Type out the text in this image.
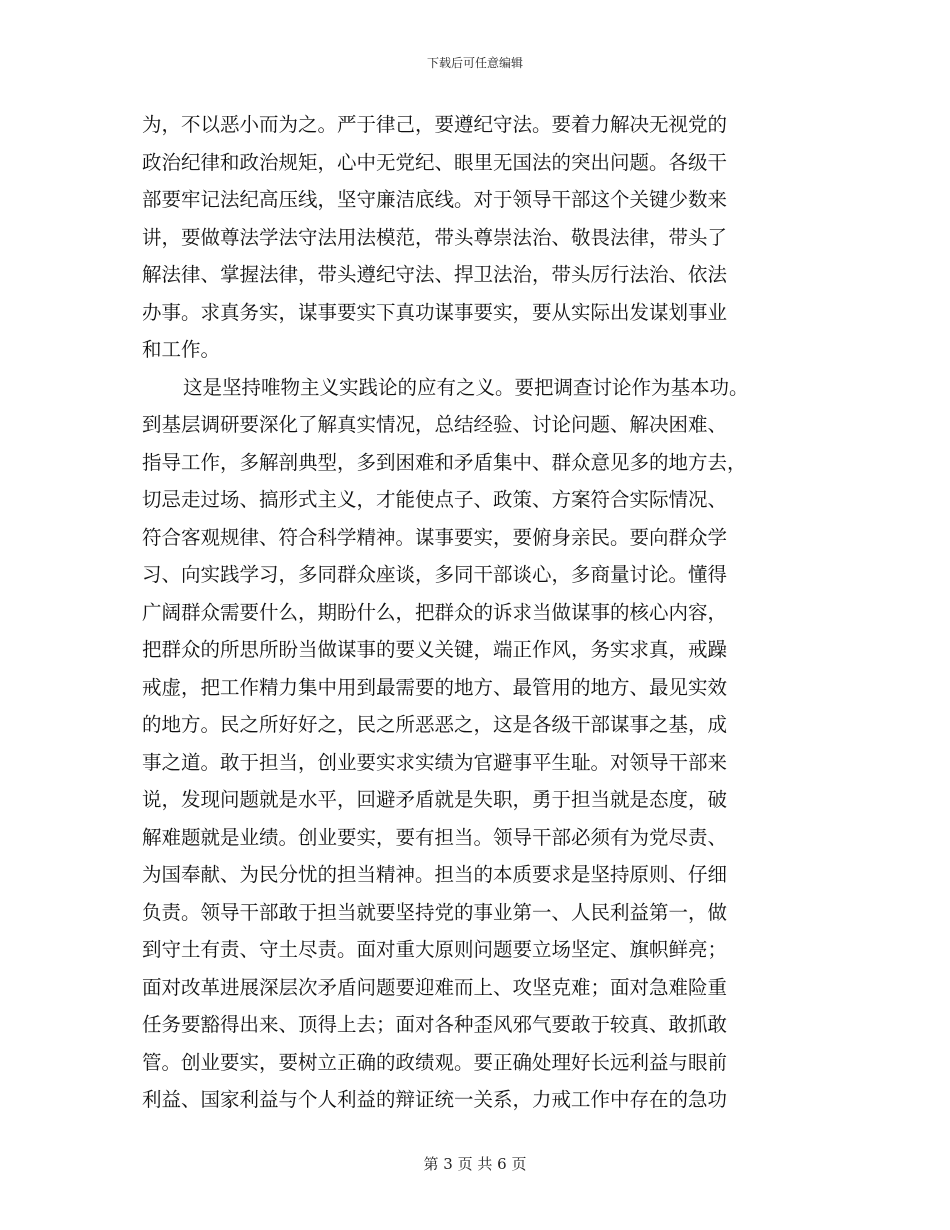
下载后可任意编辑
为，不以恶小而为之。严于律己，要遵纪守法。要着力解决无视党的
政治纪律和政治规矩，心中无党纪、眼里无国法的突出问题。各级干
部要牢记法纪高压线，坚守廉洁底线。对于领导干部这个关键少数来
讲，要做尊法学法守法用法模范，带头尊崇法治、敬畏法律，带头了
解法律、掌握法律，带头遵纪守法、捍卫法治，带头厉行法治、依法
办事。求真务实，谋事要实下真功谋事要实，要从实际出发谋划事业
和工作。
这是坚持唯物主义实践论的应有之义。要把调查讨论作为基本功。
到基层调研要深化了解真实情况，总结经验、讨论问题、解决困难、
指导工作，多解剖典型，多到困难和矛盾集中、群众意见多的地方去，
切忌走过场、搞形式主义，才能使点子、政策、方案符合实际情况、
符合客观规律、符合科学精神。谋事要实，要俯身亲民。要向群众学
习、向实践学习，多同群众座谈，多同干部谈心，多商量讨论。懂得
广阔群众需要什么，期盼什么，把群众的诉求当做谋事的核心内容，
把群众的所思所盼当做谋事的要义关键，端正作风，务实求真，戒躁
戒虚，把工作精力集中用到最需要的地方、最管用的地方、最见实效
的地方。民之所好好之，民之所恶恶之，这是各级干部谋事之基，成
事之道。敢于担当，创业要实求实绩为官避事平生耻。对领导干部来
说，发现问题就是水平，回避矛盾就是失职，勇于担当就是态度，破
解难题就是业绩。创业要实，要有担当。领导干部必须有为党尽责、
为国奉献、为民分忧的担当精神。担当的本质要求是坚持原则、仔细
负责。领导干部敢于担当就要坚持党的事业第一、人民利益第一，做
到守土有责、守土尽责。面对重大原则问题要立场坚定、旗帜鲜亮；
面对改革进展深层次矛盾问题要迎难而上、攻坚克难；面对急难险重
任务要豁得出来、顶得上去；面对各种歪风邪气要敢于较真、敢抓敢
管。创业要实，要树立正确的政绩观。要正确处理好长远利益与眼前
利益、国家利益与个人利益的辩证统一关系，力戒工作中存在的急功
第 3 页 共 6 页
